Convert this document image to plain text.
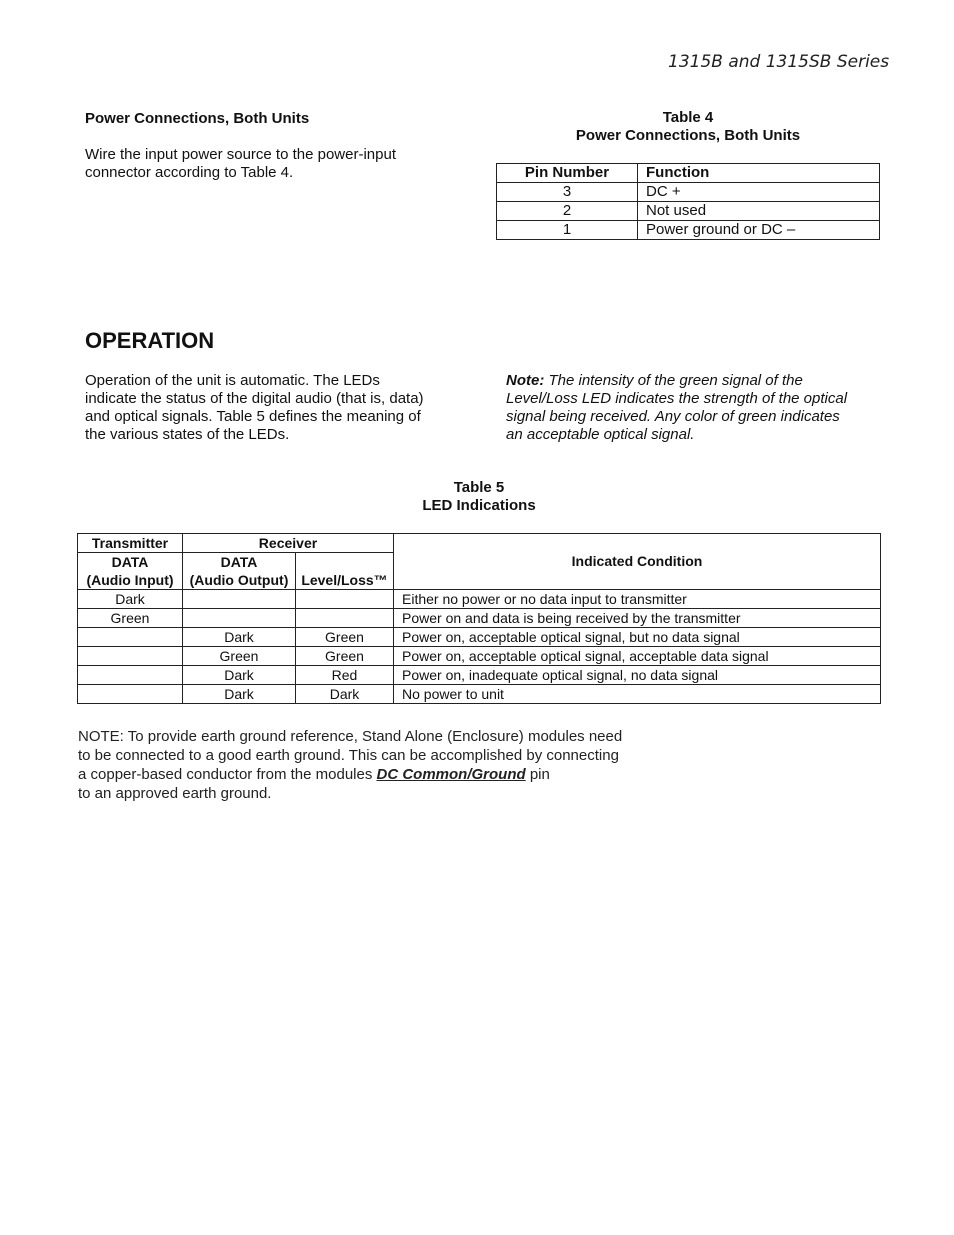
1315B and 1315SB Series
Power Connections, Both Units
Wire the input power source to the power-input
connector according to Table 4.
Table 4
Power Connections, Both Units
Pin Number	Function
3	DC +
2	Not used
1	Power ground or DC –
OPERATION
Operation of the unit is automatic. The LEDs
indicate the status of the digital audio (that is, data)
and optical signals. Table 5 defines the meaning of
the various states of the LEDs.
Note: The intensity of the green signal of the
Level/Loss LED indicates the strength of the optical
signal being received. Any color of green indicates
an acceptable optical signal.
Table 5
LED Indications
Transmitter	Receiver		Indicated Condition
DATA	DATA	Level/Loss™	
(Audio Input)	(Audio Output)		
Dark			Either no power or no data input to transmitter
Green			Power on and data is being received by the transmitter
	Dark	Green	Power on, acceptable optical signal, but no data signal
	Green	Green	Power on, acceptable optical signal, acceptable data signal
	Dark	Red	Power on, inadequate optical signal, no data signal
	Dark	Dark	No power to unit
NOTE: To provide earth ground reference, Stand Alone (Enclosure) modules need
to be connected to a good earth ground. This can be accomplished by connecting
a copper-based conductor from the modules DC Common/Ground pin
to an approved earth ground.
